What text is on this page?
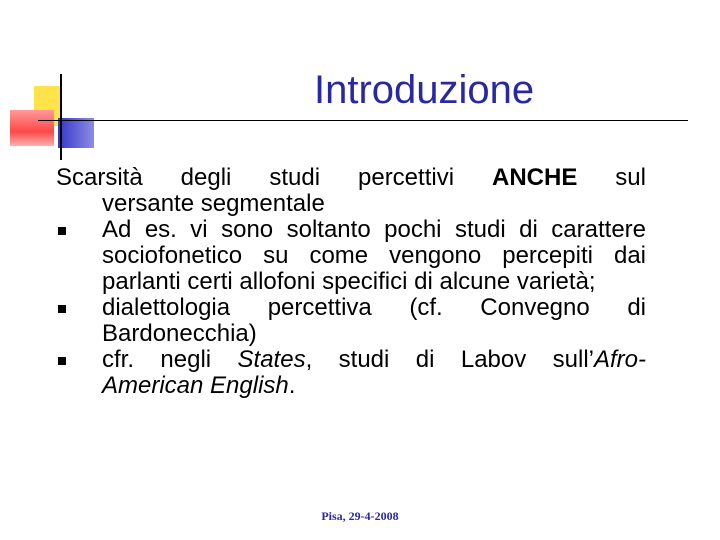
Introduzione

Scarsità degli studi percettivi ANCHE sul
versante segmentale

Ad es. vi sono soltanto pochi studi di carattere sociofonetico su come vengono percepiti dai parlanti certi allofoni specifici di alcune varietà;
dialettologia percettiva (cf. Convegno di Bardonecchia)
cfr. negli States, studi di Labov sull’Afro-
American English.
Pisa, 29-4-2008
